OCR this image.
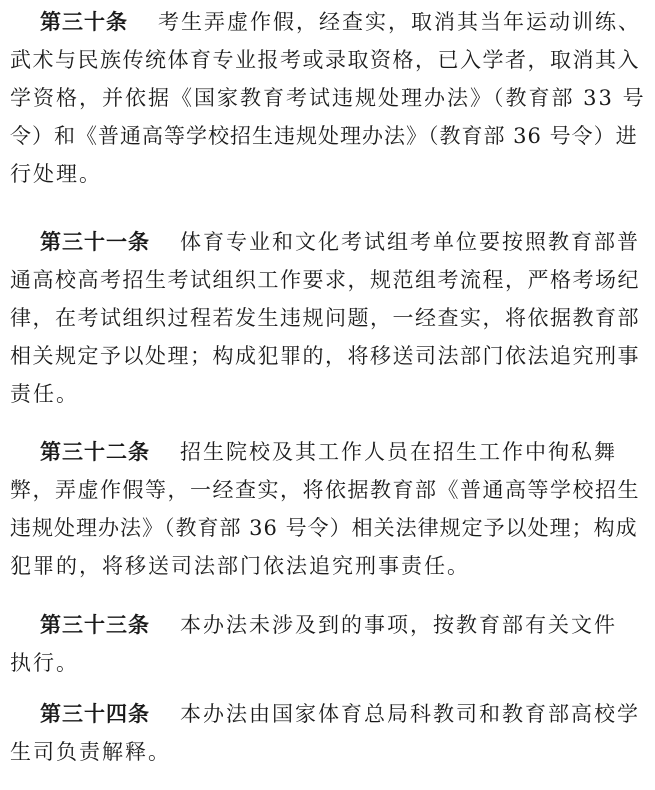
第三十条 考生弄虚作假，经查实，取消其当年运动训练、
武术与民族传统体育专业报考或录取资格，已入学者，取消其入
学资格，并依据《国家教育考试违规处理办法》（教育部 33 号
令）和《普通高等学校招生违规处理办法》（教育部 36 号令）进
行处理。
第三十一条 体育专业和文化考试组考单位要按照教育部普
通高校高考招生考试组织工作要求，规范组考流程，严格考场纪
律，在考试组织过程若发生违规问题，一经查实，将依据教育部
相关规定予以处理；构成犯罪的，将移送司法部门依法追究刑事
责任。
第三十二条 招生院校及其工作人员在招生工作中徇私舞
弊，弄虚作假等，一经查实，将依据教育部《普通高等学校招生
违规处理办法》（教育部 36 号令）相关法律规定予以处理；构成
犯罪的，将移送司法部门依法追究刑事责任。
第三十三条 本办法未涉及到的事项，按教育部有关文件
执行。
第三十四条 本办法由国家体育总局科教司和教育部高校学
生司负责解释。
